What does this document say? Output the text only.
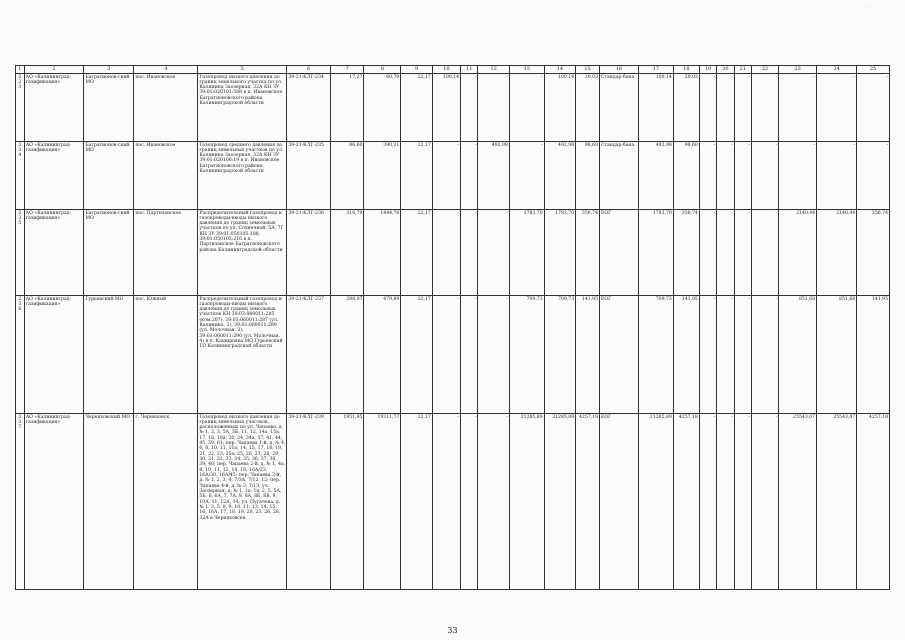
· · ·· · ·
1	2	3	4	5	6	7	8	9	10	11	12	13	14	15	16	17	18	19	20	21	22	23	24	25
233	АО «Калининград-газификация»	Багратионов-ский МО	пос. Ивановское	Газопровод низкого давления до границ земельного участка по ул. Калинина Заозерная, 32А КН ЗУ 39:01:020101:588 в п. Ивановское Багратионовского района Калининградской области	39-21-КЛГ-234	17,27	60,70	22,17	100,14	-	-	-	100,14	20,03	Стандар-бана	100,14	20,03	-	-	-	-	-	-	-
234	АО «Калининград-газификация»	Багратионов-ский МО	пос. Ивановское	Газопровод среднего давления до границ земельных участков по ул. Калинина Заозерная, 32А КН ЗУ 39:01:020106:19 в п. Ивановское Багратионовского района Калининградской области	39-21-КЛГ-235	86,60	390,21	22,17	-	-	492,98	-	492,98	98,60	Стандар-бана	492,98	98,60	-	-	-	-	-	-	-
235	АО «Калининград-газификация»	Багратионов-ский МО	пос. Партизанское	Распределительный газопровод и газопроводы-вводы низкого давления до границ земельных участков по ул. Солнечной, 5А, 7Г КН ЗУ 39:01:050105:188, 39:01:050105:216 в п. Партизанское Багратионовского района Калининградской области	39-21-КЛГ-236	316,79	1444,76	22,17	-	-	-	1783,70	1783,70	356,74	ЕОГ	1783,70	356,74	-	-	-	-	2140,44	2140,44	356,74
236	АО «Калининград-газификация»	Гурьевский МО	пос. Южный	Распределительный газопровод и газопроводы-вводы низкого давления до границ земельных участков КН 39:03:060011:285 (ком.207), 39:03:060011:287 (ул. Калинина, 2), 39:03:060011:289 (ул. Молочная, 2), 39:03:060011:290 (ул. Молочная, 4) в п. Кашировка МО Гурьевский ГО Калининградской области	39-21-КЛГ-237	208,07	479,89	22,17	-	-	-	709,73	709,73	141,95	ЕОГ	709,73	141,95	-	-	-	-	851,68	851,68	141,95
237	АО «Калининград-газификация»	Черняховский МО	г. Черняховск	Газопровод низкого давления до границ земельных участков, расположенных по ул. Чапаева, д. № 1, 2, 3, 5А, 5Б, 11, 12, 14а, 15а, 17, 18, 18а, 20, 24, 34а, 37, 41, 44, 45, 59, 61; пер. Чапаева 1-й, д. № 4, 6, 8, 10, 11, 11а, 14, 15, 17, 18, 19, 21, 22, 23, 25а, 25, 26, 27, 28, 29, 30, 31, 32, 33, 34, 35, 36, 37, 38, 39, 40; пер. Чапаева 2-й, д. № 1, 4а, 8, 10, 11, 12, 14, 16, 16А/23, 16А/30, 16А/45; пер. Чапаева 3-й, д. № 1, 2, 3, 4, 7/3А, 7/12, 12; пер. Чапаева 4-й, д. № 2, 7/13, ул. Заозерная, д. № 1, 1а, 1в, 2, 5, 5А, 5Б, 6, 6А, 7, 7А, 8, 8А, 8Б, 8В, 9, 10А, 11, 12А, 14; ул. Пугачева, д. № 1, 3, 5, 8, 9, 10, 11, 13, 14, 15, 16, 16А, 17, 18, 19, 20, 23, 26, 28, 32А в Черняховске	39-21-КЛГ-239	1951,95	19311,77	22,17	-	-	-	21285,89	21285,89	4257,18	ЕОГ	21285,89	4257,18	-	-	-	-	25543,07	25543,07	4257,18
33
